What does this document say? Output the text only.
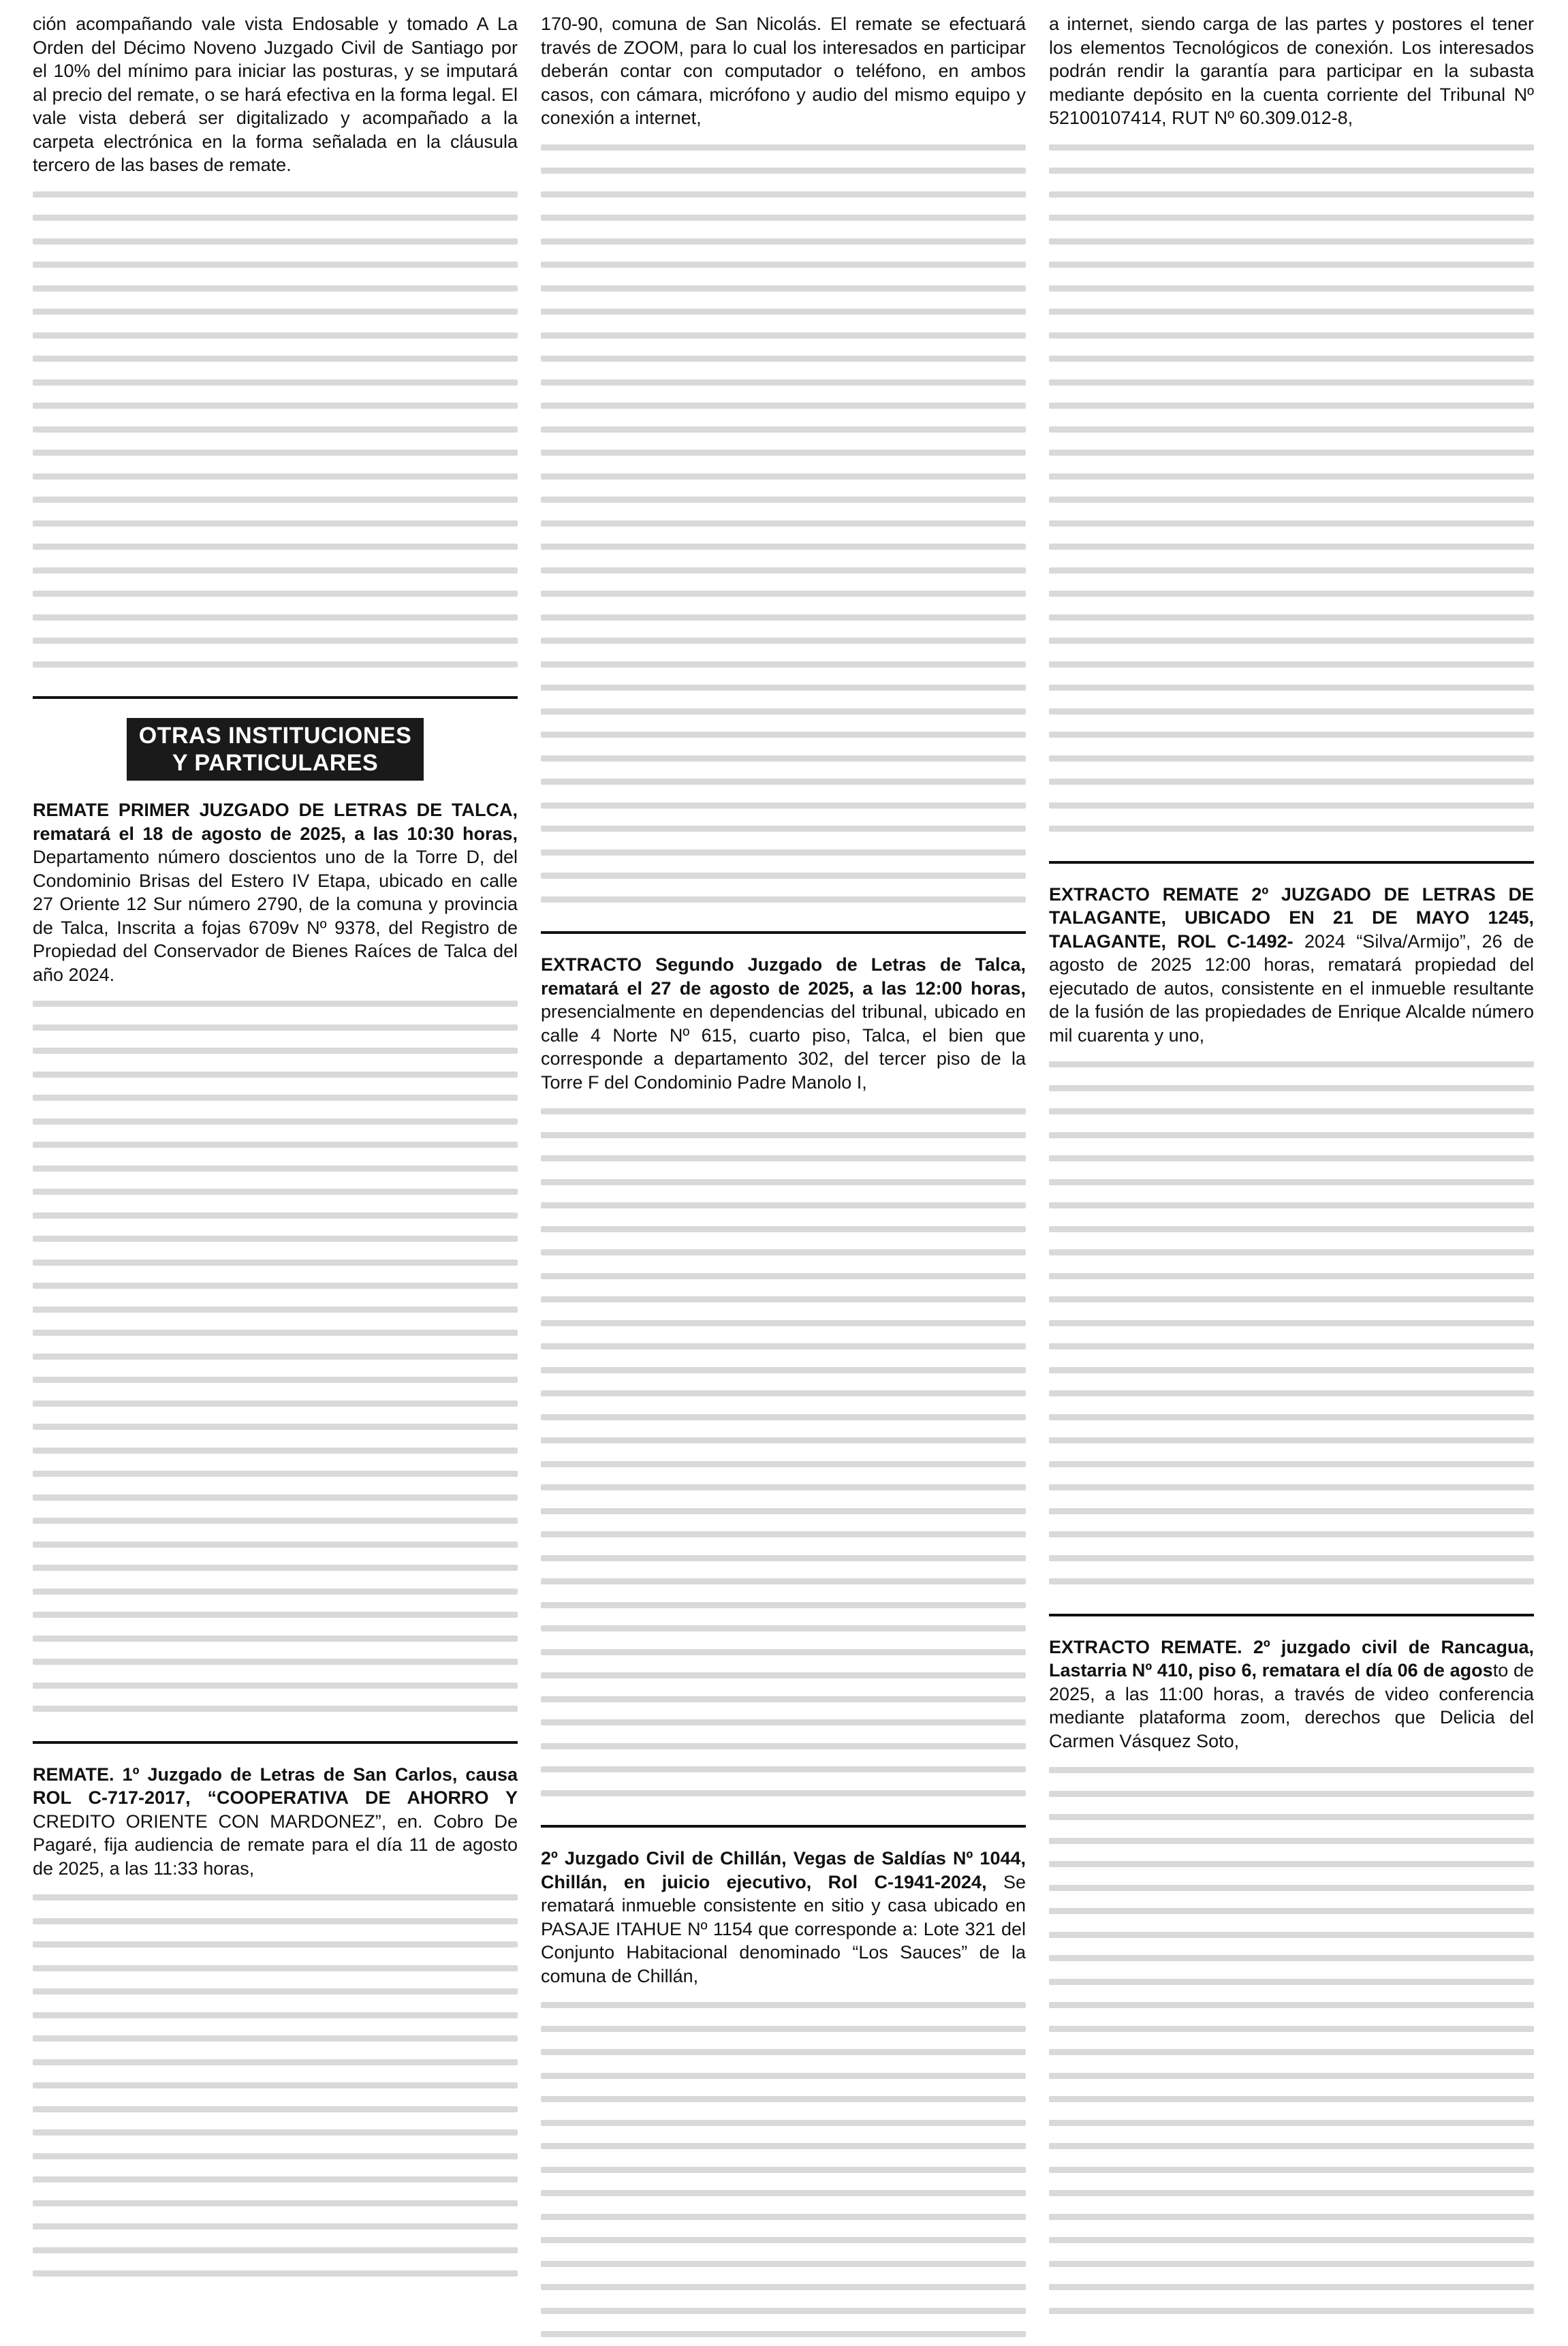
ción acompañando vale vista Endosable y tomado A La Orden del Décimo Noveno Juzgado Civil de Santiago por el 10% del mínimo para iniciar las posturas, y se imputará al precio del remate, o se hará efectiva en la forma legal. El vale vista deberá ser digitalizado y acompañado a la carpeta electrónica en la forma señalada en la cláusula tercero de las bases de remate.

OTRAS INSTITUCIONES
Y PARTICULARES

REMATE PRIMER JUZGADO DE LETRAS DE TALCA, rematará el 18 de agosto de 2025, a las 10:30 horas, Departamento número doscientos uno de la Torre D, del Condominio Brisas del Estero IV Etapa, ubicado en calle 27 Oriente 12 Sur número 2790, de la comuna y provincia de Talca, Inscrita a fojas 6709v Nº 9378, del Registro de Propiedad del Conservador de Bienes Raíces de Talca del año 2024.

REMATE. 1º Juzgado de Letras de San Carlos, causa ROL C-717-2017, “COOPERATIVA DE AHORRO Y CREDITO ORIENTE CON MARDONEZ”, en. Cobro De Pagaré, fija audiencia de remate para el día 11 de agosto de 2025, a las 11:33 horas,

170-90, comuna de San Nicolás. El remate se efectuará través de ZOOM, para lo cual los interesados en participar deberán contar con computador o teléfono, en ambos casos, con cámara, micrófono y audio del mismo equipo y conexión a internet,

EXTRACTO Segundo Juzgado de Letras de Talca, rematará el 27 de agosto de 2025, a las 12:00 horas, presencialmente en dependencias del tribunal, ubicado en calle 4 Norte Nº 615, cuarto piso, Talca, el bien que corresponde a departamento 302, del tercer piso de la Torre F del Condominio Padre Manolo I,

2º Juzgado Civil de Chillán, Vegas de Saldías Nº 1044, Chillán, en juicio ejecutivo, Rol C-1941-2024, Se rematará inmueble consistente en sitio y casa ubicado en PASAJE ITAHUE Nº 1154 que corresponde a: Lote 321 del Conjunto Habitacional denominado “Los Sauces” de la comuna de Chillán,

a internet, siendo carga de las partes y postores el tener los elementos Tecnológicos de conexión. Los interesados podrán rendir la garantía para participar en la subasta mediante depósito en la cuenta corriente del Tribunal Nº 52100107414, RUT Nº 60.309.012-8,

EXTRACTO REMATE 2º JUZGADO DE LETRAS DE TALAGANTE, UBICADO EN 21 DE MAYO 1245, TALAGANTE, ROL C-1492- 2024 “Silva/Armijo”, 26 de agosto de 2025 12:00 horas, rematará propiedad del ejecutado de autos, consistente en el inmueble resultante de la fusión de las propiedades de Enrique Alcalde número mil cuarenta y uno,

EXTRACTO REMATE. 2º juzgado civil de Rancagua, Lastarria Nº 410, piso 6, rematara el día 06 de agosto de 2025, a las 11:00 horas, a través de video conferencia mediante plataforma zoom, derechos que Delicia del Carmen Vásquez Soto,
